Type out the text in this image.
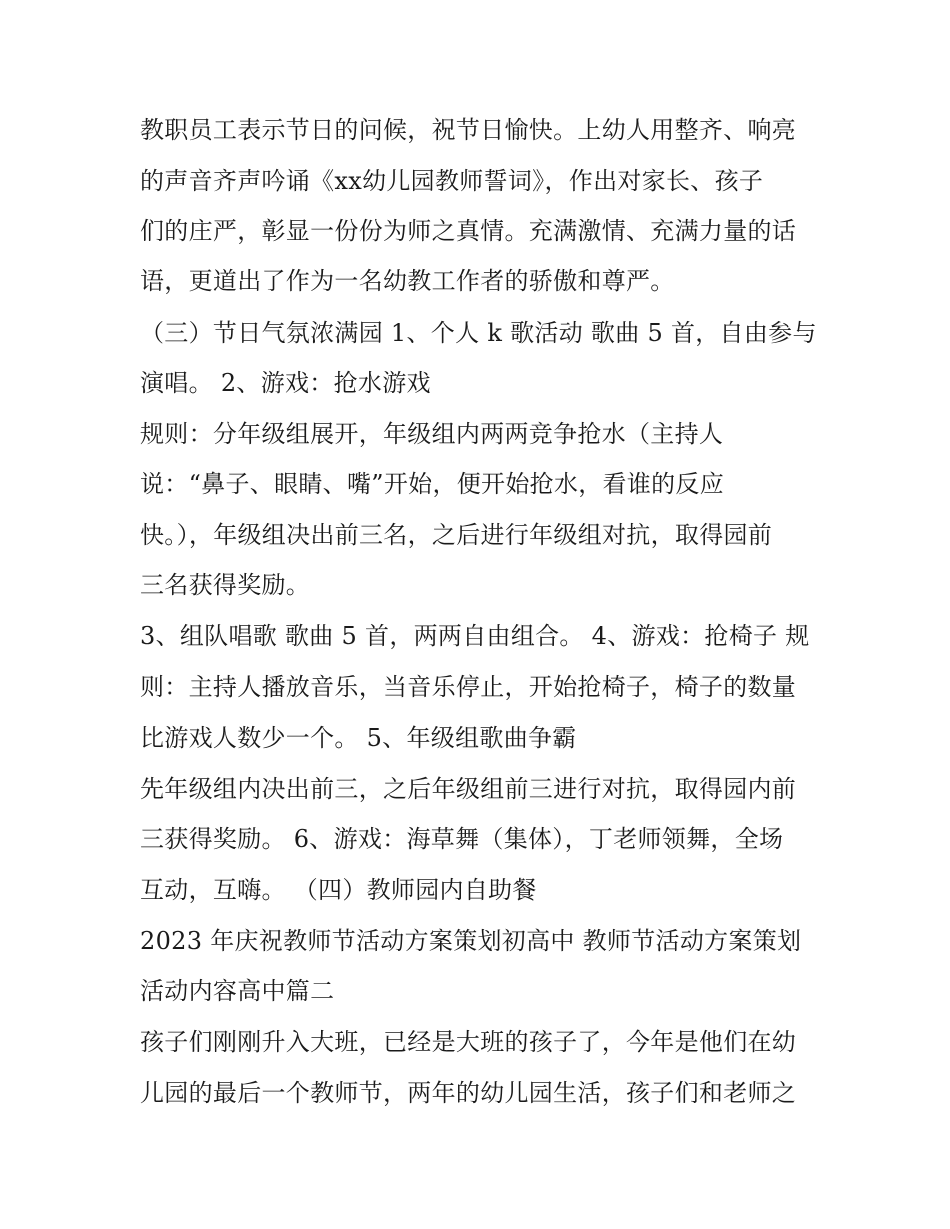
教职员工表示节日的问候，祝节日愉快。上幼人用整齐、响亮
的声音齐声吟诵《xx幼儿园教师誓词》，作出对家长、孩子
们的庄严，彰显一份份为师之真情。充满激情、充满力量的话
语，更道出了作为一名幼教工作者的骄傲和尊严。
（三）节日气氛浓满园 1、个人 k 歌活动 歌曲 5 首，自由参与
演唱。 2、游戏：抢水游戏
规则：分年级组展开，年级组内两两竞争抢水（主持人
说：“鼻子、眼睛、嘴”开始，便开始抢水，看谁的反应
快。），年级组决出前三名，之后进行年级组对抗，取得园前
三名获得奖励。
3、组队唱歌 歌曲 5 首，两两自由组合。 4、游戏：抢椅子 规
则：主持人播放音乐，当音乐停止，开始抢椅子，椅子的数量
比游戏人数少一个。 5、年级组歌曲争霸
先年级组内决出前三，之后年级组前三进行对抗，取得园内前
三获得奖励。 6、游戏：海草舞（集体），丁老师领舞，全场
互动，互嗨。 （四）教师园内自助餐
2023 年庆祝教师节活动方案策划初高中 教师节活动方案策划
活动内容高中篇二
孩子们刚刚升入大班，已经是大班的孩子了，今年是他们在幼
儿园的最后一个教师节，两年的幼儿园生活，孩子们和老师之
